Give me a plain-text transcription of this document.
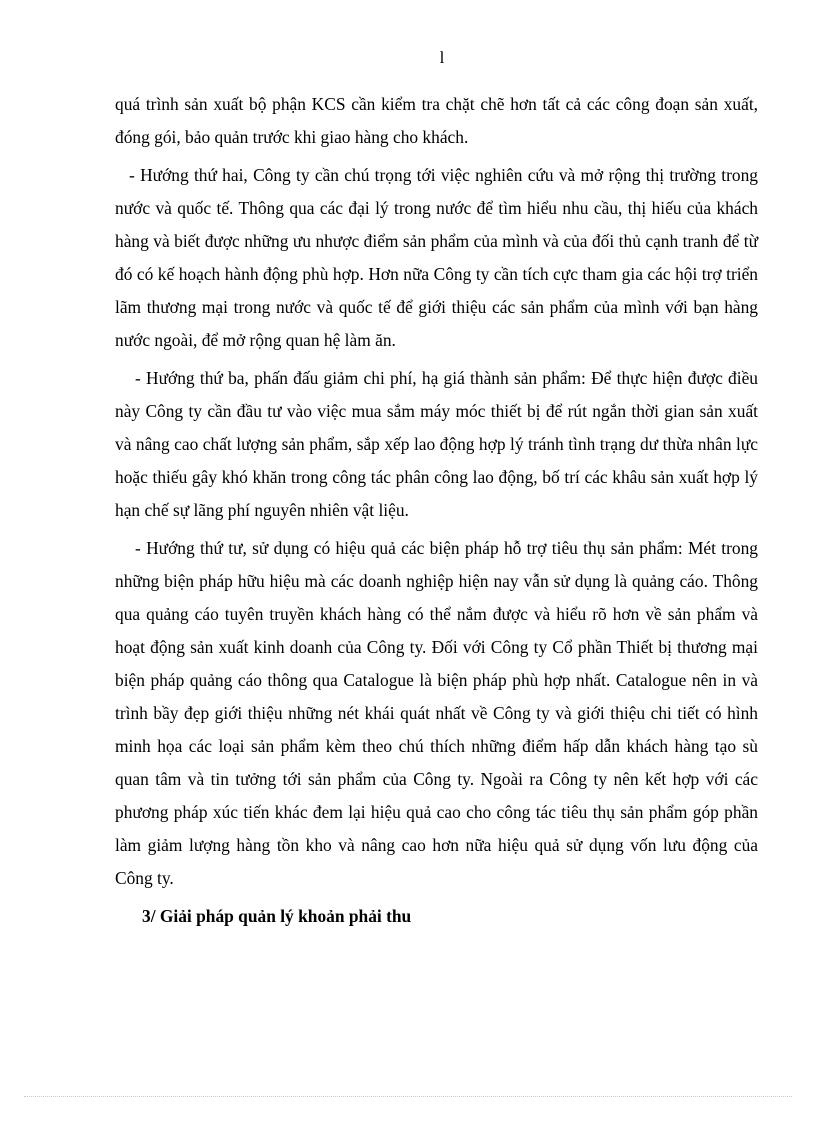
l

quá trình sản xuất bộ phận KCS cần kiểm tra chặt chẽ hơn tất cả các công đoạn sản xuất, đóng gói, bảo quản trước khi giao hàng cho khách.

- Hướng thứ hai, Công ty cần chú trọng tới việc nghiên cứu và mở rộng thị trường trong nước và quốc tế. Thông qua các đại lý trong nước để tìm hiểu nhu cầu, thị hiếu của khách hàng và biết được những ưu nhược điểm sản phẩm của mình và của đối thủ cạnh tranh để từ đó có kế hoạch hành động phù hợp. Hơn nữa Công ty cần tích cực tham gia các hội trợ triển lãm thương mại trong nước và quốc tế để giới thiệu các sản phẩm của mình với bạn hàng nước ngoài, để mở rộng quan hệ làm ăn.

- Hướng thứ ba, phấn đấu giảm chi phí, hạ giá thành sản phẩm: Để thực hiện được điều này Công ty cần đầu tư vào việc mua sắm máy móc thiết bị để rút ngắn thời gian sản xuất và nâng cao chất lượng sản phẩm, sắp xếp lao động hợp lý tránh tình trạng dư thừa nhân lực hoặc thiếu gây khó khăn trong công tác phân công lao động, bố trí các khâu sản xuất hợp lý hạn chế sự lãng phí nguyên nhiên vật liệu.

- Hướng thứ tư, sử dụng có hiệu quả các biện pháp hỗ trợ tiêu thụ sản phẩm: Mét trong những biện pháp hữu hiệu mà các doanh nghiệp hiện nay vẫn sử dụng là quảng cáo. Thông qua quảng cáo tuyên truyền khách hàng có thể nắm được và hiểu rõ hơn về sản phẩm và hoạt động sản xuất kinh doanh của Công ty. Đối với Công ty Cổ phần Thiết bị thương mại biện pháp quảng cáo thông qua Catalogue là biện pháp phù hợp nhất. Catalogue nên in và trình bầy đẹp giới thiệu những nét khái quát nhất về Công ty và giới thiệu chi tiết có hình minh họa các loại sản phẩm kèm theo chú thích những điểm hấp dẫn khách hàng tạo sù quan tâm và tin tưởng tới sản phẩm của Công ty. Ngoài ra Công ty nên kết hợp với các phương pháp xúc tiến khác đem lại hiệu quả cao cho công tác tiêu thụ sản phẩm góp phần làm giảm lượng hàng tồn kho và nâng cao hơn nữa hiệu quả sử dụng vốn lưu động của Công ty.

3/ Giải pháp quản lý khoản phải thu
